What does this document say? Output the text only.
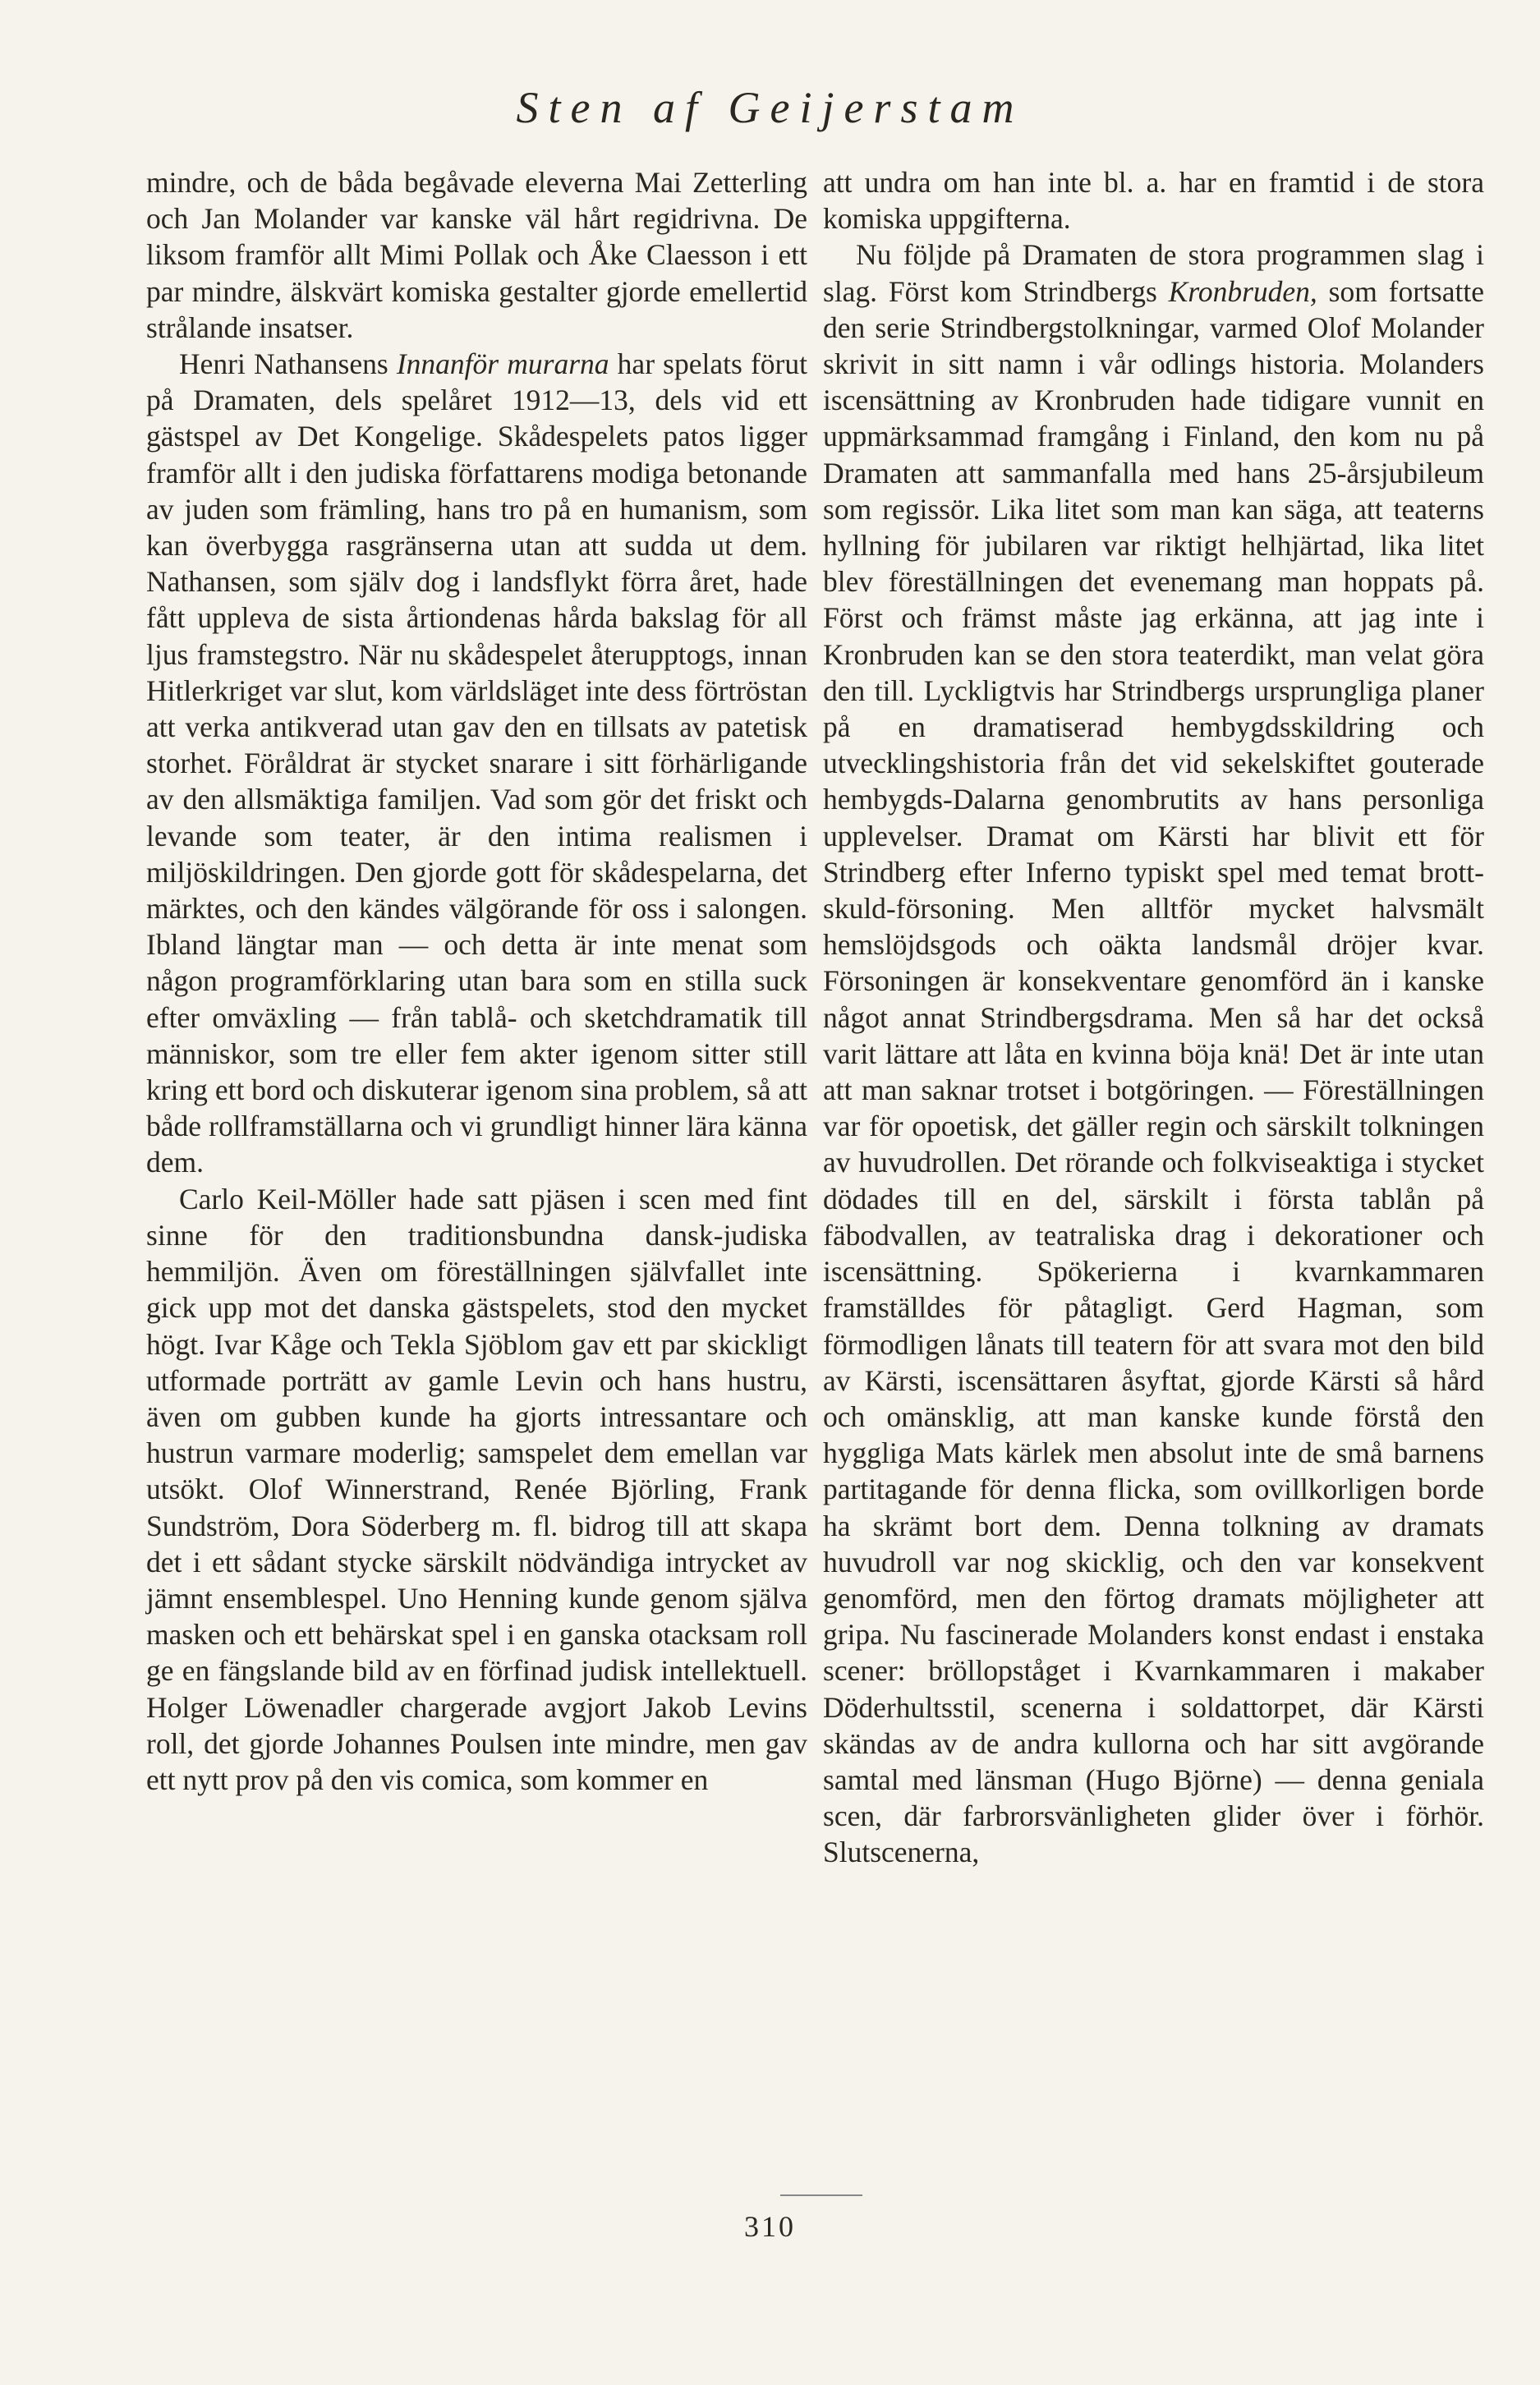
Sten af Geijerstam

mindre, och de båda begåvade eleverna Mai Zetterling och Jan Molander var kanske väl hårt regidrivna. De liksom framför allt Mimi Pollak och Åke Claesson i ett par mindre, älskvärt komiska gestalter gjorde emellertid strålande insatser.

Henri Nathansens Innanför murarna har spelats förut på Dramaten, dels spelåret 1912—13, dels vid ett gästspel av Det Kongelige. Skådespelets patos ligger framför allt i den judiska författarens modiga betonande av juden som främling, hans tro på en humanism, som kan överbygga rasgränserna utan att sudda ut dem. Nathansen, som själv dog i landsflykt förra året, hade fått uppleva de sista årtiondenas hårda bakslag för all ljus framstegstro. När nu skådespelet återupptogs, innan Hitlerkriget var slut, kom världsläget inte dess förtröstan att verka antikverad utan gav den en tillsats av patetisk storhet. Föråldrat är stycket snarare i sitt förhärligande av den allsmäktiga familjen. Vad som gör det friskt och levande som teater, är den intima realismen i miljöskildringen. Den gjorde gott för skådespelarna, det märktes, och den kändes välgörande för oss i salongen. Ibland längtar man — och detta är inte menat som någon programförklaring utan bara som en stilla suck efter omväxling — från tablå- och sketchdramatik till människor, som tre eller fem akter igenom sitter still kring ett bord och diskuterar igenom sina problem, så att både rollframställarna och vi grundligt hinner lära känna dem.

Carlo Keil-Möller hade satt pjäsen i scen med fint sinne för den traditionsbundna dansk-judiska hemmiljön. Även om föreställningen självfallet inte gick upp mot det danska gästspelets, stod den mycket högt. Ivar Kåge och Tekla Sjöblom gav ett par skickligt utformade porträtt av gamle Levin och hans hustru, även om gubben kunde ha gjorts intressantare och hustrun varmare moderlig; samspelet dem emellan var utsökt. Olof Winnerstrand, Renée Björling, Frank Sundström, Dora Söderberg m. fl. bidrog till att skapa det i ett sådant stycke särskilt nödvändiga intrycket av jämnt ensemblespel. Uno Henning kunde genom själva masken och ett behärskat spel i en ganska otacksam roll ge en fängslande bild av en förfinad judisk intellektuell. Holger Löwenadler chargerade avgjort Jakob Levins roll, det gjorde Johannes Poulsen inte mindre, men gav ett nytt prov på den vis comica, som kommer en

att undra om han inte bl. a. har en framtid i de stora komiska uppgifterna.

Nu följde på Dramaten de stora programmen slag i slag. Först kom Strindbergs Kronbruden, som fortsatte den serie Strindbergstolkningar, varmed Olof Molander skrivit in sitt namn i vår odlings historia. Molanders iscensättning av Kronbruden hade tidigare vunnit en uppmärksammad framgång i Finland, den kom nu på Dramaten att sammanfalla med hans 25-årsjubileum som regissör. Lika litet som man kan säga, att teaterns hyllning för jubilaren var riktigt helhjärtad, lika litet blev föreställningen det evenemang man hoppats på. Först och främst måste jag erkänna, att jag inte i Kronbruden kan se den stora teaterdikt, man velat göra den till. Lyckligtvis har Strindbergs ursprungliga planer på en dramatiserad hembygdsskildring och utvecklingshistoria från det vid sekelskiftet gouterade hembygds-Dalarna genombrutits av hans personliga upplevelser. Dramat om Kärsti har blivit ett för Strindberg efter Inferno typiskt spel med temat brott-skuld-försoning. Men alltför mycket halvsmält hemslöjdsgods och oäkta landsmål dröjer kvar. Försoningen är konsekventare genomförd än i kanske något annat Strindbergsdrama. Men så har det också varit lättare att låta en kvinna böja knä! Det är inte utan att man saknar trotset i botgöringen. — Föreställningen var för opoetisk, det gäller regin och särskilt tolkningen av huvudrollen. Det rörande och folkviseaktiga i stycket dödades till en del, särskilt i första tablån på fäbodvallen, av teatraliska drag i dekorationer och iscensättning. Spökerierna i kvarnkammaren framställdes för påtagligt. Gerd Hagman, som förmodligen lånats till teatern för att svara mot den bild av Kärsti, iscensättaren åsyftat, gjorde Kärsti så hård och omänsklig, att man kanske kunde förstå den hyggliga Mats kärlek men absolut inte de små barnens partitagande för denna flicka, som ovillkorligen borde ha skrämt bort dem. Denna tolkning av dramats huvudroll var nog skicklig, och den var konsekvent genomförd, men den förtog dramats möjligheter att gripa. Nu fascinerade Molanders konst endast i enstaka scener: bröllopståget i Kvarnkammaren i makaber Döderhultsstil, scenerna i soldattorpet, där Kärsti skändas av de andra kullorna och har sitt avgörande samtal med länsman (Hugo Björne) — denna geniala scen, där farbrorsvänligheten glider över i förhör. Slutscenerna,

310
